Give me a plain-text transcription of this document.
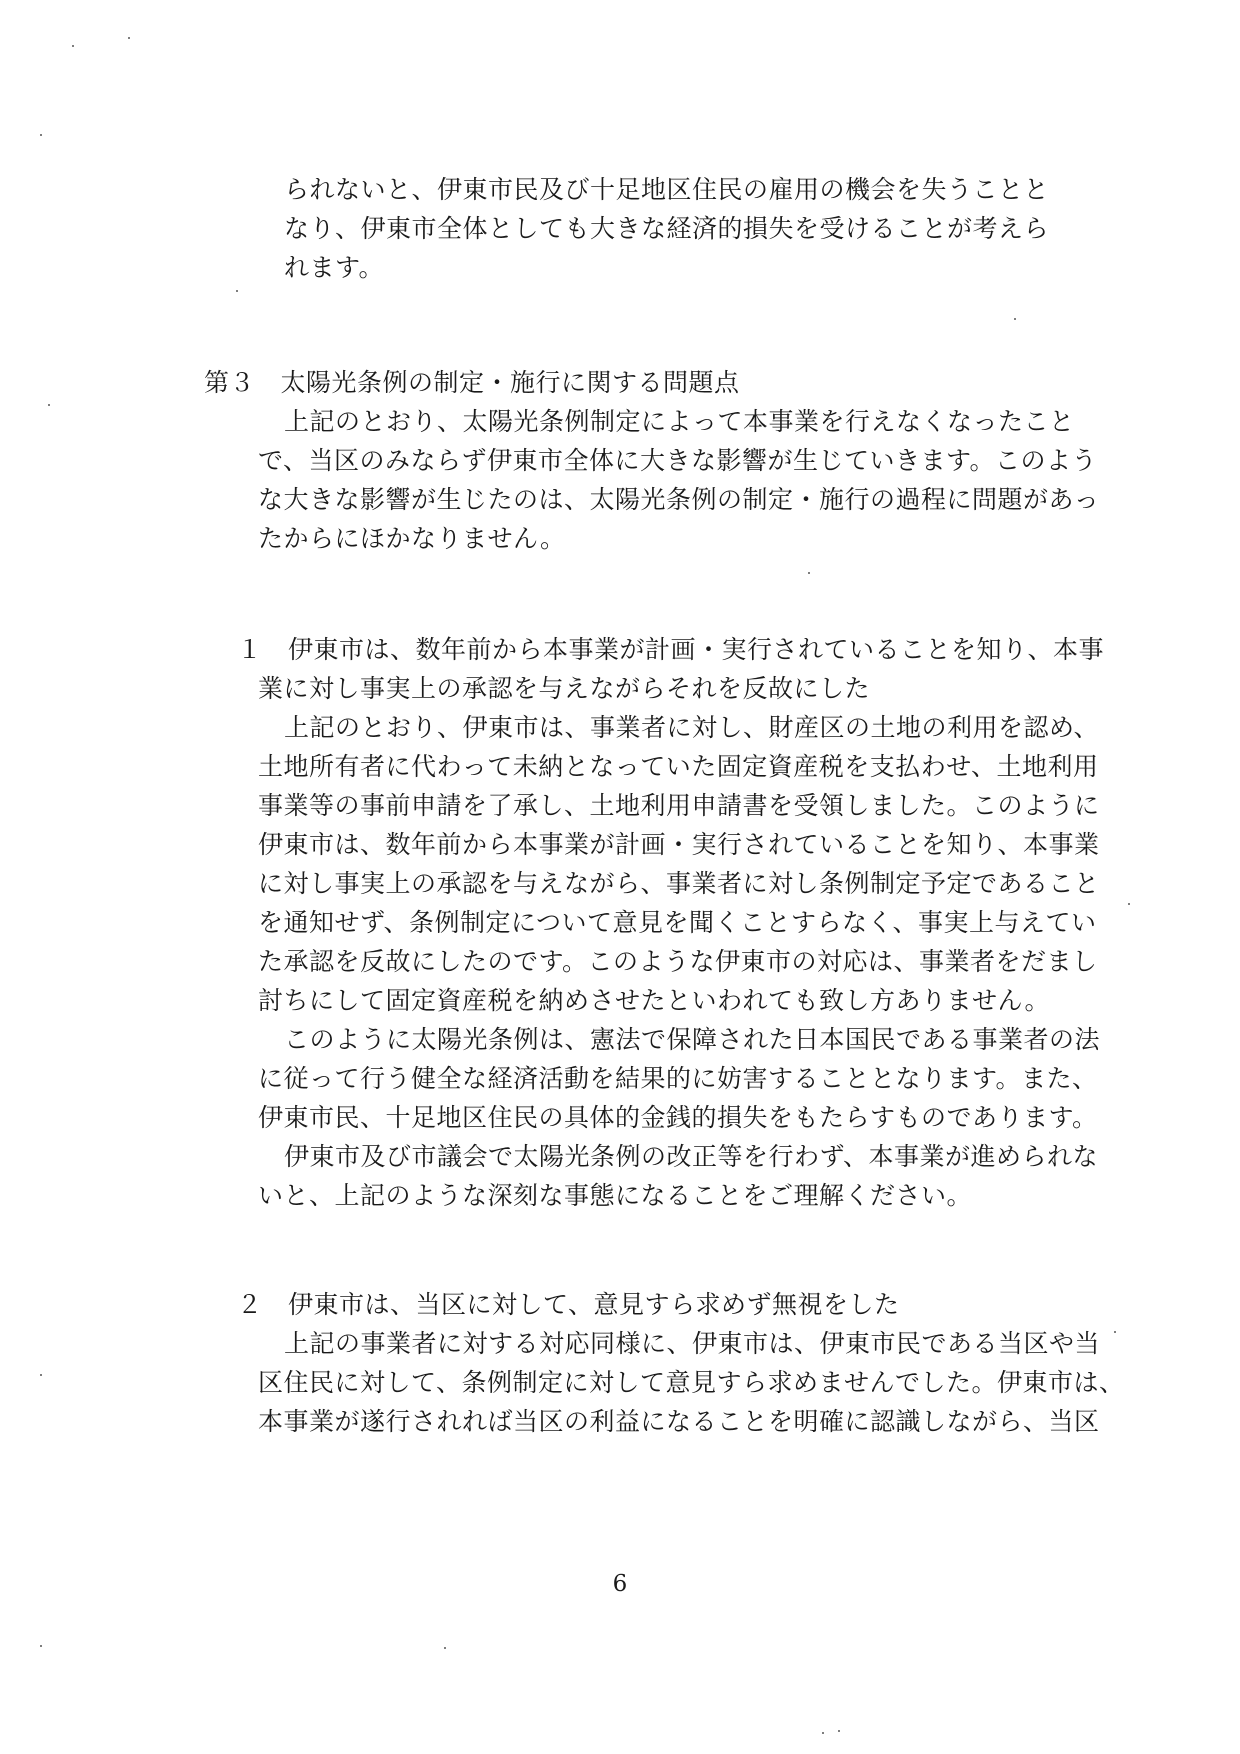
られないと、伊東市民及び十足地区住民の雇用の機会を失うことと
なり、伊東市全体としても大きな経済的損失を受けることが考えら
れます。
第３　太陽光条例の制定・施行に関する問題点
上記のとおり、太陽光条例制定によって本事業を行えなくなったこと
で、当区のみならず伊東市全体に大きな影響が生じていきます。このよう
な大きな影響が生じたのは、太陽光条例の制定・施行の過程に問題があっ
たからにほかなりません。
１　伊東市は、数年前から本事業が計画・実行されていることを知り、本事
業に対し事実上の承認を与えながらそれを反故にした
上記のとおり、伊東市は、事業者に対し、財産区の土地の利用を認め、
土地所有者に代わって未納となっていた固定資産税を支払わせ、土地利用
事業等の事前申請を了承し、土地利用申請書を受領しました。このように
伊東市は、数年前から本事業が計画・実行されていることを知り、本事業
に対し事実上の承認を与えながら、事業者に対し条例制定予定であること
を通知せず、条例制定について意見を聞くことすらなく、事実上与えてい
た承認を反故にしたのです。このような伊東市の対応は、事業者をだまし
討ちにして固定資産税を納めさせたといわれても致し方ありません。
このように太陽光条例は、憲法で保障された日本国民である事業者の法
に従って行う健全な経済活動を結果的に妨害することとなります。また、
伊東市民、十足地区住民の具体的金銭的損失をもたらすものであります。
伊東市及び市議会で太陽光条例の改正等を行わず、本事業が進められな
いと、上記のような深刻な事態になることをご理解ください。
２　伊東市は、当区に対して、意見すら求めず無視をした
上記の事業者に対する対応同様に、伊東市は、伊東市民である当区や当
区住民に対して、条例制定に対して意見すら求めませんでした。伊東市は、
本事業が遂行されれば当区の利益になることを明確に認識しながら、当区
6
